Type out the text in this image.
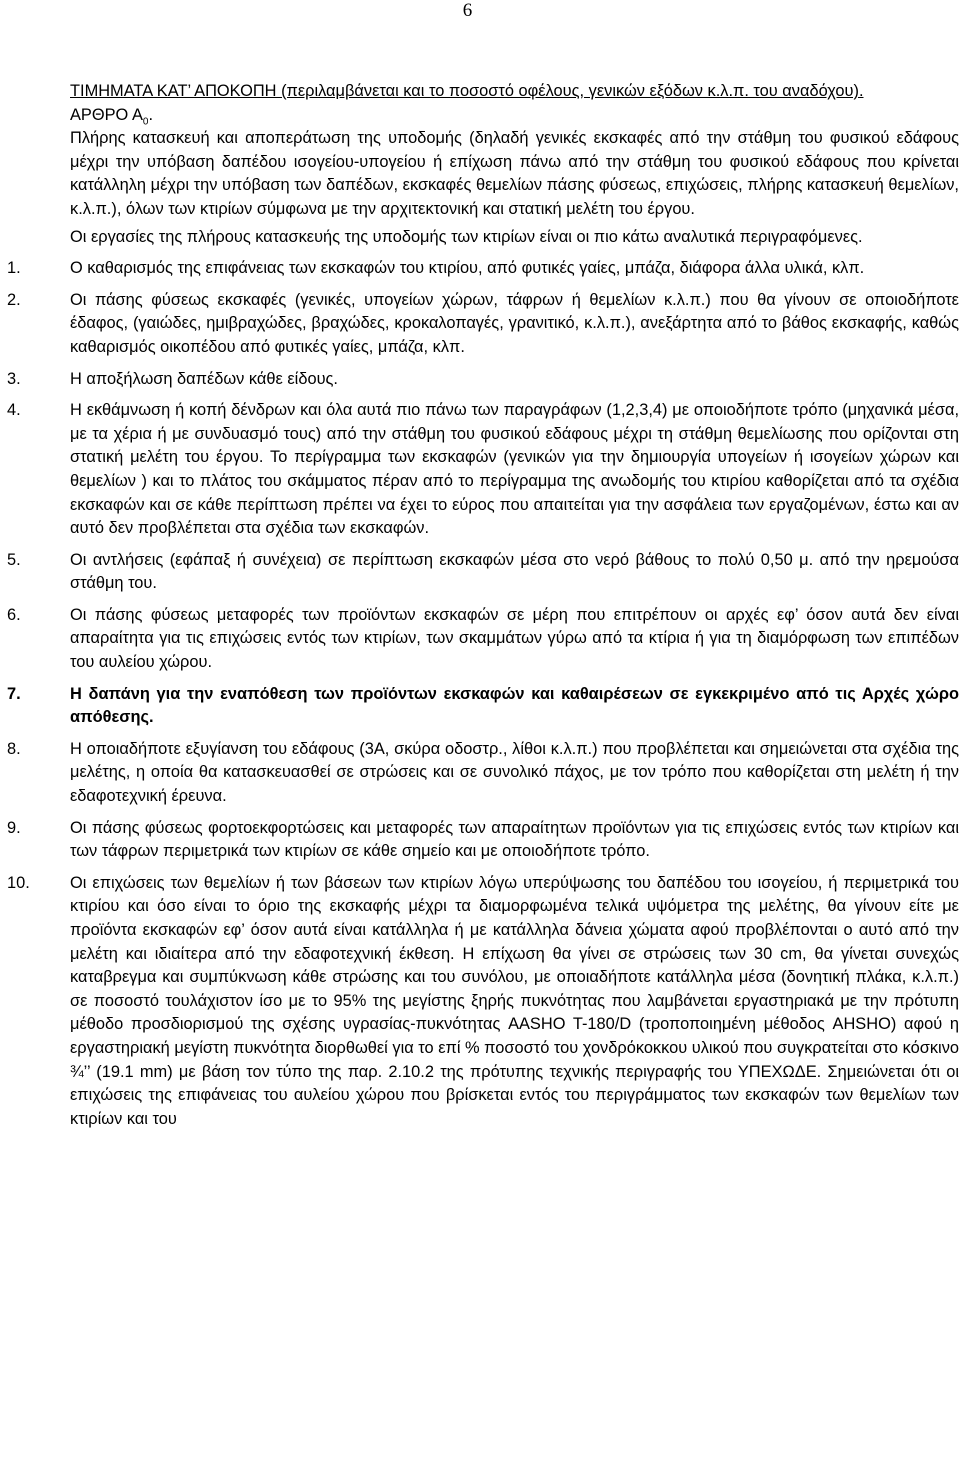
6

ΤΙΜΗΜΑΤΑ ΚΑΤ’ ΑΠΟΚΟΠΗ (περιλαμβάνεται και το ποσοστό οφέλους, γενικών εξόδων κ.λ.π. του αναδόχου).

ΑΡΘΡΟ $A_0$.

Πλήρης κατασκευή και αποπεράτωση της υποδομής (δηλαδή γενικές εκσκαφές από την στάθμη του φυσικού εδάφους μέχρι την υπόβαση δαπέδου ισογείου-υπογείου ή επίχωση πάνω από την στάθμη του φυσικού εδάφους που κρίνεται κατάλληλη μέχρι την υπόβαση των δαπέδων, εκσκαφές θεμελίων πάσης φύσεως, επιχώσεις, πλήρης κατασκευή θεμελίων, κ.λ.π.), όλων των κτιρίων σύμφωνα με την αρχιτεκτονική και στατική μελέτη του έργου.

Οι εργασίες της πλήρους κατασκευής της υποδομής των κτιρίων είναι οι πιο κάτω αναλυτικά περιγραφόμενες.

1.	Ο καθαρισμός της επιφάνειας των εκσκαφών του κτιρίου, από φυτικές γαίες, μπάζα, διάφορα άλλα υλικά, κλπ.
2.	Οι πάσης φύσεως εκσκαφές (γενικές, υπογείων χώρων, τάφρων ή θεμελίων κ.λ.π.) που θα γίνουν σε οποιοδήποτε έδαφος, (γαιώδες, ημιβραχώδες, βραχώδες, κροκαλοπαγές, γρανιτικό, κ.λ.π.), ανεξάρτητα από το βάθος εκσκαφής, καθώς καθαρισμός οικοπέδου από φυτικές γαίες, μπάζα, κλπ.
3.	Η αποξήλωση δαπέδων κάθε είδους.
4.	Η εκθάμνωση ή κοπή δένδρων και όλα αυτά πιο πάνω των παραγράφων (1,2,3,4) με οποιοδήποτε τρόπο (μηχανικά μέσα, με τα χέρια ή με συνδυασμό τους) από την στάθμη του φυσικού εδάφους μέχρι τη στάθμη θεμελίωσης που ορίζονται στη στατική μελέτη του έργου. Το περίγραμμα των εκσκαφών (γενικών για την δημιουργία υπογείων ή ισογείων χώρων και θεμελίων ) και το πλάτος του σκάμματος πέραν από το περίγραμμα της ανωδομής του κτιρίου καθορίζεται από τα σχέδια εκσκαφών και σε κάθε περίπτωση πρέπει να έχει το εύρος που απαιτείται για την ασφάλεια των εργαζομένων, έστω και αν αυτό δεν προβλέπεται στα σχέδια των εκσκαφών.
5.	Οι αντλήσεις (εφάπαξ ή συνέχεια) σε περίπτωση εκσκαφών μέσα στο νερό βάθους το πολύ 0,50 μ. από την ηρεμούσα στάθμη του.
6.	Οι πάσης φύσεως μεταφορές των προϊόντων εκσκαφών σε μέρη που επιτρέπουν οι αρχές εφ’ όσον αυτά δεν είναι απαραίτητα για τις επιχώσεις εντός των κτιρίων, των σκαμμάτων γύρω από τα κτίρια ή για τη διαμόρφωση των επιπέδων του αυλείου χώρου.
7.	Η δαπάνη για την εναπόθεση των προϊόντων εκσκαφών και καθαιρέσεων σε εγκεκριμένο από τις Αρχές χώρο απόθεσης.
8.	Η οποιαδήποτε εξυγίανση του εδάφους (3Α, σκύρα οδοστρ., λίθοι κ.λ.π.) που προβλέπεται και σημειώνεται στα σχέδια της μελέτης, η οποία θα κατασκευασθεί σε στρώσεις και σε συνολικό πάχος, με τον τρόπο που καθορίζεται στη μελέτη ή την εδαφοτεχνική έρευνα.
9.	Οι πάσης φύσεως φορτοεκφορτώσεις και μεταφορές των απαραίτητων προϊόντων για τις επιχώσεις εντός των κτιρίων και των τάφρων περιμετρικά των κτιρίων σε κάθε σημείο και με οποιοδήποτε τρόπο.
10. Οι επιχώσεις των θεμελίων ή των βάσεων των κτιρίων λόγω υπερύψωσης του δαπέδου του ισογείου, ή περιμετρικά του κτιρίου και όσο είναι το όριο της εκσκαφής μέχρι τα διαμορφωμένα τελικά υψόμετρα της μελέτης, θα γίνουν είτε με προϊόντα εκσκαφών εφ’ όσον αυτά είναι κατάλληλα ή με κατάλληλα δάνεια χώματα αφού προβλέπονται ο αυτό από την μελέτη και ιδιαίτερα από την εδαφοτεχνική έκθεση. Η επίχωση θα γίνει σε στρώσεις των 30 cm, θα γίνεται συνεχώς καταβρεγμα και συμπύκνωση κάθε στρώσης και του συνόλου, με οποιαδήποτε κατάλληλα μέσα (δονητική πλάκα, κ.λ.π.) σε ποσοστό τουλάχιστον ίσο με το 95% της μεγίστης ξηρής πυκνότητας που λαμβάνεται εργαστηριακά με την πρότυπη μέθοδο προσδιορισμού της σχέσης υγρασίας-πυκνότητας AASHO T-180/D (τροποποιημένη μέθοδος AHSHO) αφού η εργαστηριακή μεγίστη πυκνότητα διορθωθεί για το επί % ποσοστό του χονδρόκοκκου υλικού που συγκρατείται στο κόσκινο ¾’’ (19.1 mm) με βάση τον τύπο της παρ. 2.10.2 της πρότυπης τεχνικής περιγραφής του ΥΠΕΧΩΔΕ. Σημειώνεται ότι οι επιχώσεις της επιφάνειας του αυλείου χώρου που βρίσκεται εντός του περιγράμματος των εκσκαφών των θεμελίων των κτιρίων και του
